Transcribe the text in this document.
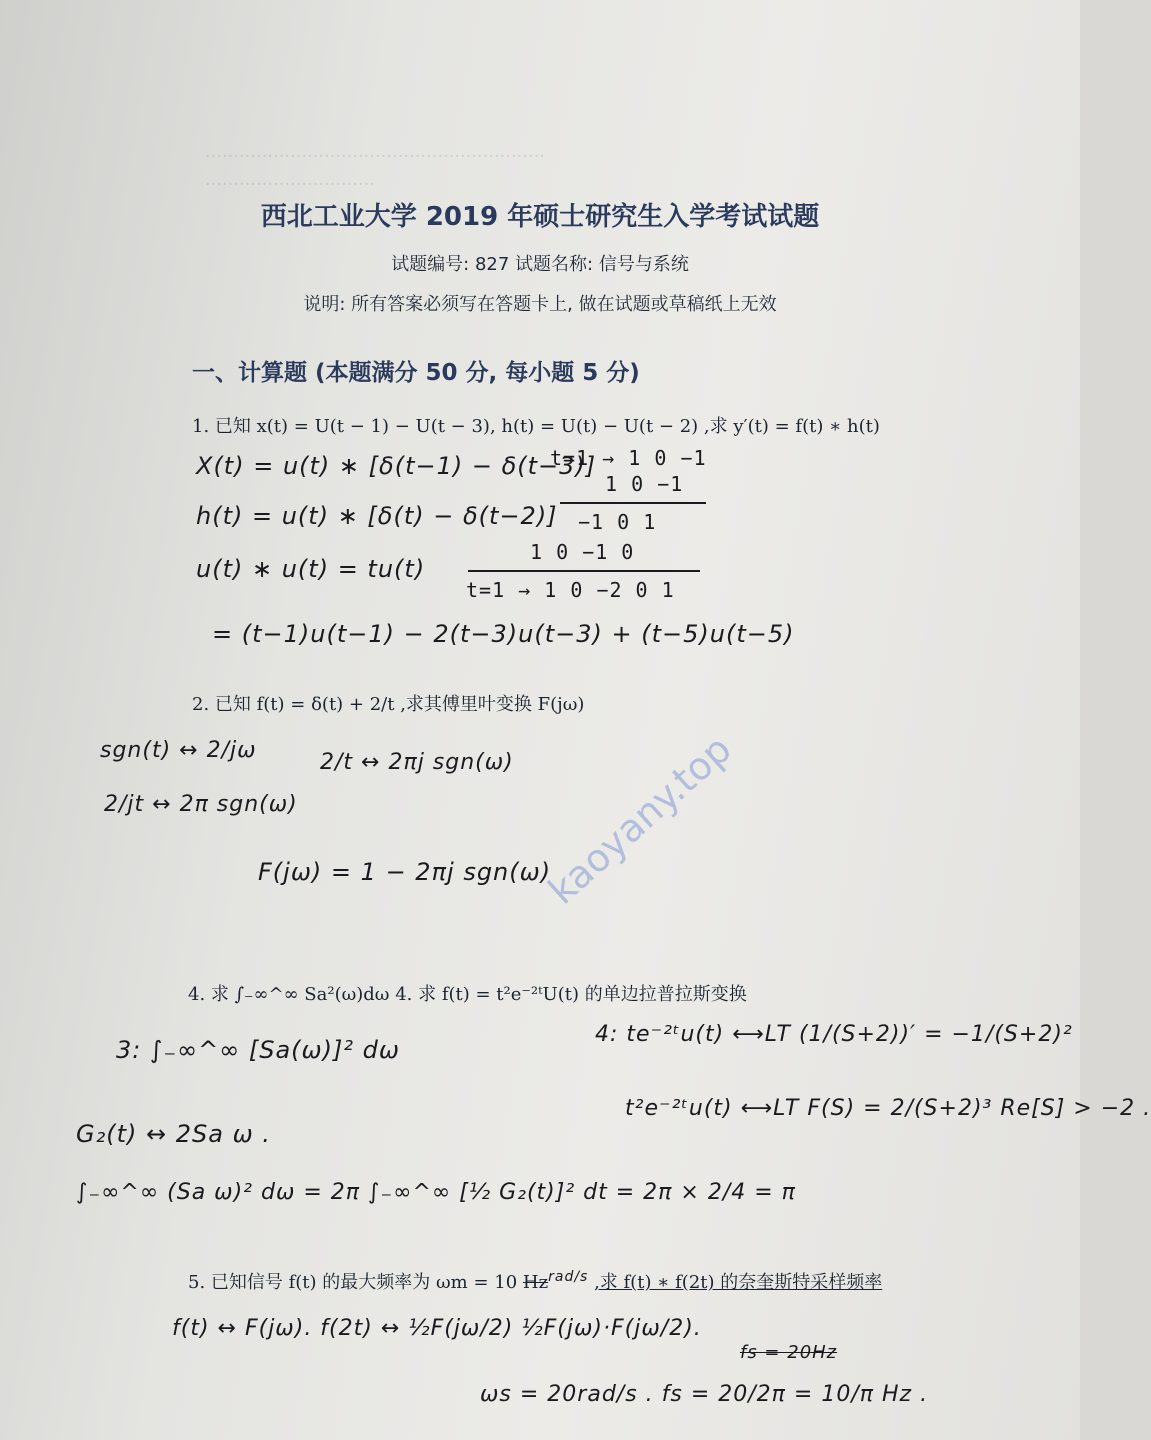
……………………………………………………
…………………………
西北工业大学 2019 年硕士研究生入学考试试题
试题编号: 827 试题名称: 信号与系统
说明: 所有答案必须写在答题卡上, 做在试题或草稿纸上无效
一、计算题 (本题满分 50 分, 每小题 5 分)
1. 已知 x(t) = U(t − 1) − U(t − 3), h(t) = U(t) − U(t − 2) ,求 y′(t) = f(t) ∗ h(t)
X(t) = u(t) ∗ [δ(t−1) − δ(t−3)]
h(t) = u(t) ∗ [δ(t) − δ(t−2)]
u(t) ∗ u(t) = tu(t)
= (t−1)u(t−1) − 2(t−3)u(t−3) + (t−5)u(t−5)
t=1 → 1 0 −1
1 0 −1
−1 0 1
1 0 −1 0
t=1 → 1 0 −2 0 1
2. 已知 f(t) = δ(t) + 2/t ,求其傅里叶变换 F(jω)
sgn(t) ↔ 2/jω
2/jt ↔ 2π sgn(ω)
2/t ↔ 2πj sgn(ω)
F(jω) = 1 − 2πj sgn(ω)
4. 求 ∫₋∞^∞ Sa²(ω)dω 4. 求 f(t) = t²e⁻²ᵗU(t) 的单边拉普拉斯变换
3: ∫₋∞^∞ [Sa(ω)]² dω
G₂(t) ↔ 2Sa ω .
∫₋∞^∞ (Sa ω)² dω = 2π ∫₋∞^∞ [½ G₂(t)]² dt = 2π × 2/4 = π
4: te⁻²ᵗu(t) ⟷LT (1/(S+2))′ = −1/(S+2)²
t²e⁻²ᵗu(t) ⟷LT F(S) = 2/(S+2)³ Re[S] > −2 .
5. 已知信号 f(t) 的最大频率为 ωm = 10 $Hz^{rad/s}$ ,求 f(t) ∗ f(2t) 的奈奎斯特采样频率
f(t) ↔ F(jω). f(2t) ↔ ½F(jω/2) ½F(jω)·F(jω/2).
fs = 20Hz
ωs = 20rad/s . fs = 20/2π = 10/π Hz .
kaoyany.top
